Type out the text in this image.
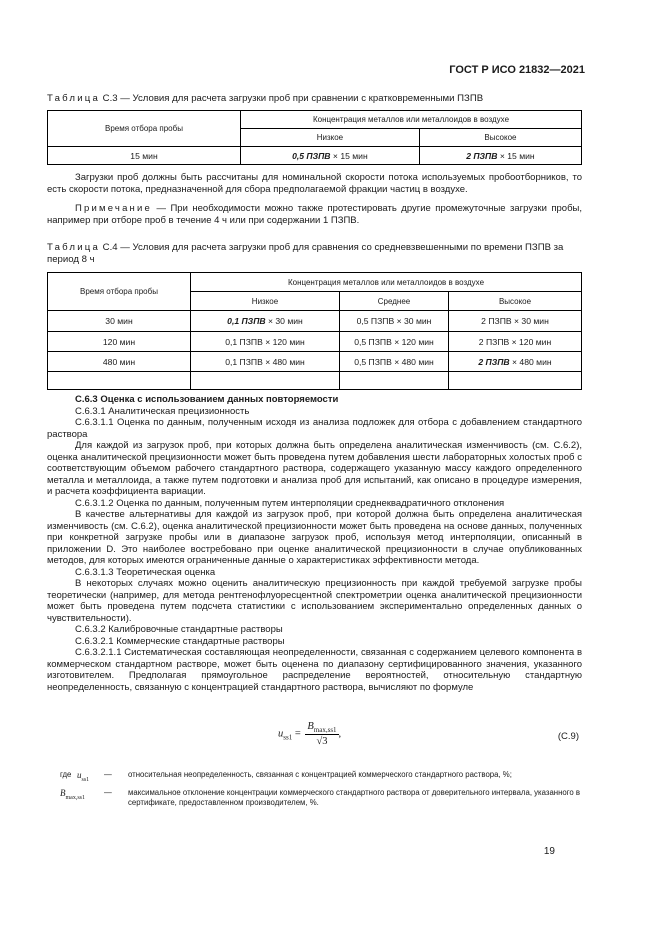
ГОСТ Р ИСО 21832—2021
Таблица С.3 — Условия для расчета загрузки проб при сравнении с кратковременными ПЗПВ
Время отбора пробы	Концентрация металлов или металлоидов в воздухе	
	Низкое	Высокое
15 мин	0,5 ПЗПВ × 15 мин	2 ПЗПВ × 15 мин
Загрузки проб должны быть рассчитаны для номинальной скорости потока используемых пробоотборников, то есть скорости потока, предназначенной для сбора предполагаемой фракции частиц в воздухе.
Примечание — При необходимости можно также протестировать другие промежуточные загрузки пробы, например при отборе проб в течение 4 ч или при содержании 1 ПЗПВ.
Таблица С.4 — Условия для расчета загрузки проб для сравнения со средневзвешенными по времени ПЗПВ за период 8 ч
Время отбора пробы	Концентрация металлов или металлоидов в воздухе		
	Низкое	Среднее	Высокое
30 мин	0,1 ПЗПВ × 30 мин	0,5 ПЗПВ × 30 мин	2 ПЗПВ × 30 мин
120 мин	0,1 ПЗПВ × 120 мин	0,5 ПЗПВ × 120 мин	2 ПЗПВ × 120 мин
480 мин	0,1 ПЗПВ × 480 мин	0,5 ПЗПВ × 480 мин	2 ПЗПВ × 480 мин

С.6.3 Оценка с использованием данных повторяемости

С.6.3.1 Аналитическая прецизионность

С.6.3.1.1 Оценка по данным, полученным исходя из анализа подложек для отбора с добавлением стандартного раствора

Для каждой из загрузок проб, при которых должна быть определена аналитическая изменчивость (см. С.6.2), оценка аналитической прецизионности может быть проведена путем добавления шести лабораторных холостых проб с соответствующим объемом рабочего стандартного раствора, содержащего указанную массу каждого определенного металла и металлоида, а также путем подготовки и анализа проб для испытаний, как описано в процедуре измерения, и расчета коэффициента вариации.

С.6.3.1.2 Оценка по данным, полученным путем интерполяции среднеквадратичного отклонения

В качестве альтернативы для каждой из загрузок проб, при которой должна быть определена аналитическая изменчивость (см. С.6.2), оценка аналитической прецизионности может быть проведена на основе данных, полученных при конкретной загрузке пробы или в диапазоне загрузок проб, используя метод интерполяции, описанный в приложении D. Это наиболее востребовано при оценке аналитической прецизионности в случае опубликованных методов, для которых имеются ограниченные данные о характеристиках эффективности метода.

С.6.3.1.3 Теоретическая оценка

В некоторых случаях можно оценить аналитическую прецизионность при каждой требуемой загрузке пробы теоретически (например, для метода рентгенофлуоресцентной спектрометрии оценка аналитической прецизионности может быть проведена путем подсчета статистики с использованием экспериментально определенных данных о чувствительности).

С.6.3.2 Калибровочные стандартные растворы

С.6.3.2.1 Коммерческие стандартные растворы

С.6.3.2.1.1 Систематическая составляющая неопределенности, связанная с содержанием целевого компонента в коммерческом стандартном растворе, может быть оценена по диапазону сертифицированного значения, указанного изготовителем. Предполагая прямоугольное распределение вероятностей, относительную стандартную неопределенность, связанную с концентрацией стандартного раствора, вычисляют по формуле

$u_{ss1} = \frac{B_{max,ss1}}{√3}$ ,	(С.9)
где $u_{ss1}$
— относительная неопределенность, связанная с концентрацией коммерческого стандартного раствора, %;
$B_{max,ss1}$
— максимальное отклонение концентрации коммерческого стандартного раствора от доверительного интервала, указанного в сертификате, предоставленном производителем, %.
19
